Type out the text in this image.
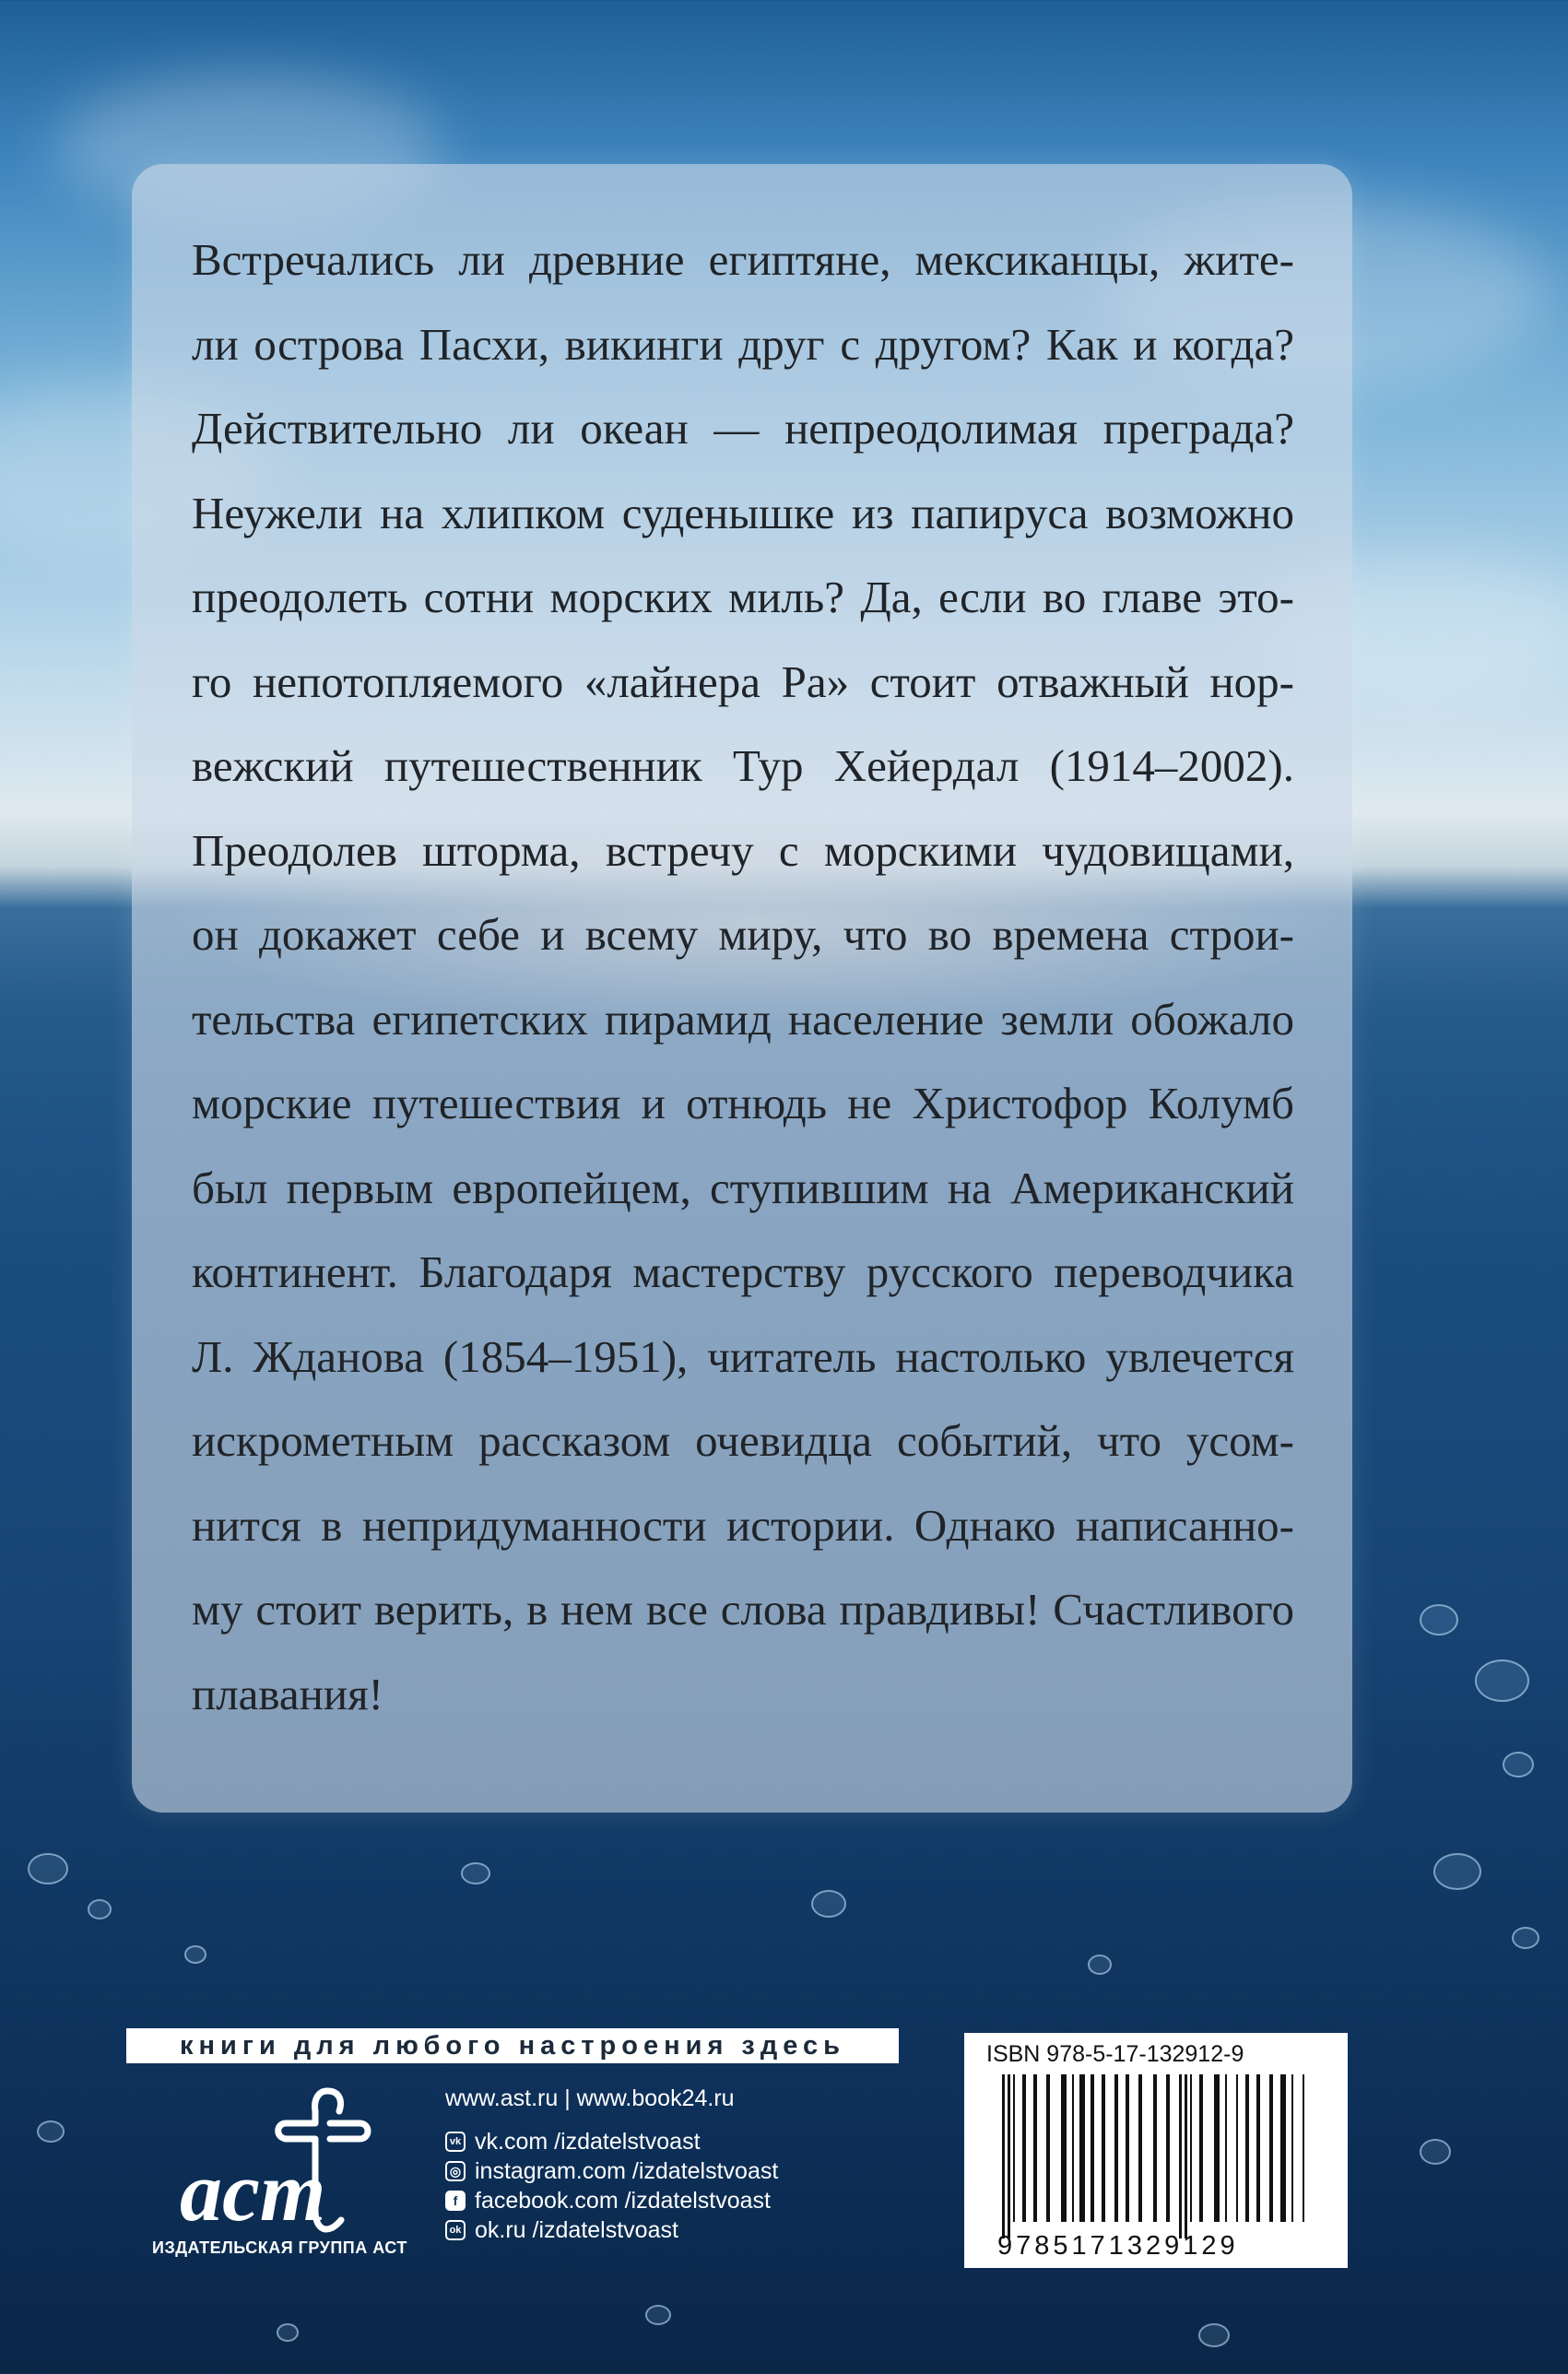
Встречались ли древние египтяне, мексиканцы, жите-
ли острова Пасхи, викинги друг с другом? Как и когда?
Действительно ли океан — непреодолимая преграда?
Неужели на хлипком суденышке из папируса возможно
преодолеть сотни морских миль? Да, если во главе это-
го непотопляемого «лайнера Ра» стоит отважный нор-
вежский путешественник Тур Хейердал (1914–2002).
Преодолев шторма, встречу с морскими чудовищами,
он докажет себе и всему миру, что во времена строи-
тельства египетских пирамид население земли обожало
морские путешествия и отнюдь не Христофор Колумб
был первым европейцем, ступившим на Американский
континент. Благодаря мастерству русского переводчика
Л. Жданова (1854–1951), читатель настолько увлечется
искрометным рассказом очевидца событий, что усом-
нится в непридуманности истории. Однако написанно-
му стоит верить, в нем все слова правдивы! Счастливого
плавания!
книги для любого настроения здесь
аст
ИЗДАТЕЛЬСКАЯ ГРУППА АСТ
www.ast.ru | www.book24.ru
vk vk.com /izdatelstvoast
◎ instagram.com /izdatelstvoast
f facebook.com /izdatelstvoast
ok ok.ru /izdatelstvoast
ISBN 978-5-17-132912-9
9785171329129
